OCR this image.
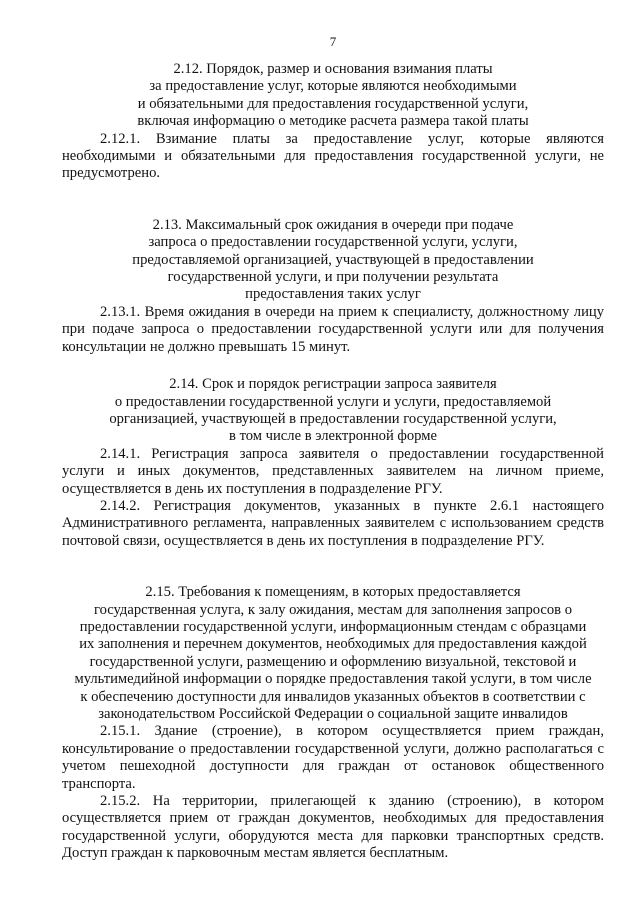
7
2.12. Порядок, размер и основания взимания платы
за предоставление услуг, которые являются необходимыми
и обязательными для предоставления государственной услуги,
включая информацию о методике расчета размера такой платы

2.12.1. Взимание платы за предоставление услуг, которые являются необходимыми и обязательными для предоставления государственной услуги, не предусмотрено.

2.13. Максимальный срок ожидания в очереди при подаче
запроса о предоставлении государственной услуги, услуги,
предоставляемой организацией, участвующей в предоставлении
государственной услуги, и при получении результата
предоставления таких услуг

2.13.1. Время ожидания в очереди на прием к специалисту, должностному лицу при подаче запроса о предоставлении государственной услуги или для получения консультации не должно превышать 15 минут.

2.14. Срок и порядок регистрации запроса заявителя
о предоставлении государственной услуги и услуги, предоставляемой
организацией, участвующей в предоставлении государственной услуги,
в том числе в электронной форме

2.14.1. Регистрация запроса заявителя о предоставлении государственной услуги и иных документов, представленных заявителем на личном приеме, осуществляется в день их поступления в подразделение РГУ.

2.14.2. Регистрация документов, указанных в пункте 2.6.1 настоящего Административного регламента, направленных заявителем с использованием средств почтовой связи, осуществляется в день их поступления в подразделение РГУ.

2.15. Требования к помещениям, в которых предоставляется
государственная услуга, к залу ожидания, местам для заполнения запросов о
предоставлении государственной услуги, информационным стендам с образцами
их заполнения и перечнем документов, необходимых для предоставления каждой
государственной услуги, размещению и оформлению визуальной, текстовой и
мультимедийной информации о порядке предоставления такой услуги, в том числе
к обеспечению доступности для инвалидов указанных объектов в соответствии с
законодательством Российской Федерации о социальной защите инвалидов

2.15.1. Здание (строение), в котором осуществляется прием граждан, консультирование о предоставлении государственной услуги, должно располагаться с учетом пешеходной доступности для граждан от остановок общественного транспорта.

2.15.2. На территории, прилегающей к зданию (строению), в котором осуществляется прием от граждан документов, необходимых для предоставления государственной услуги, оборудуются места для парковки транспортных средств. Доступ граждан к парковочным местам является бесплатным.
